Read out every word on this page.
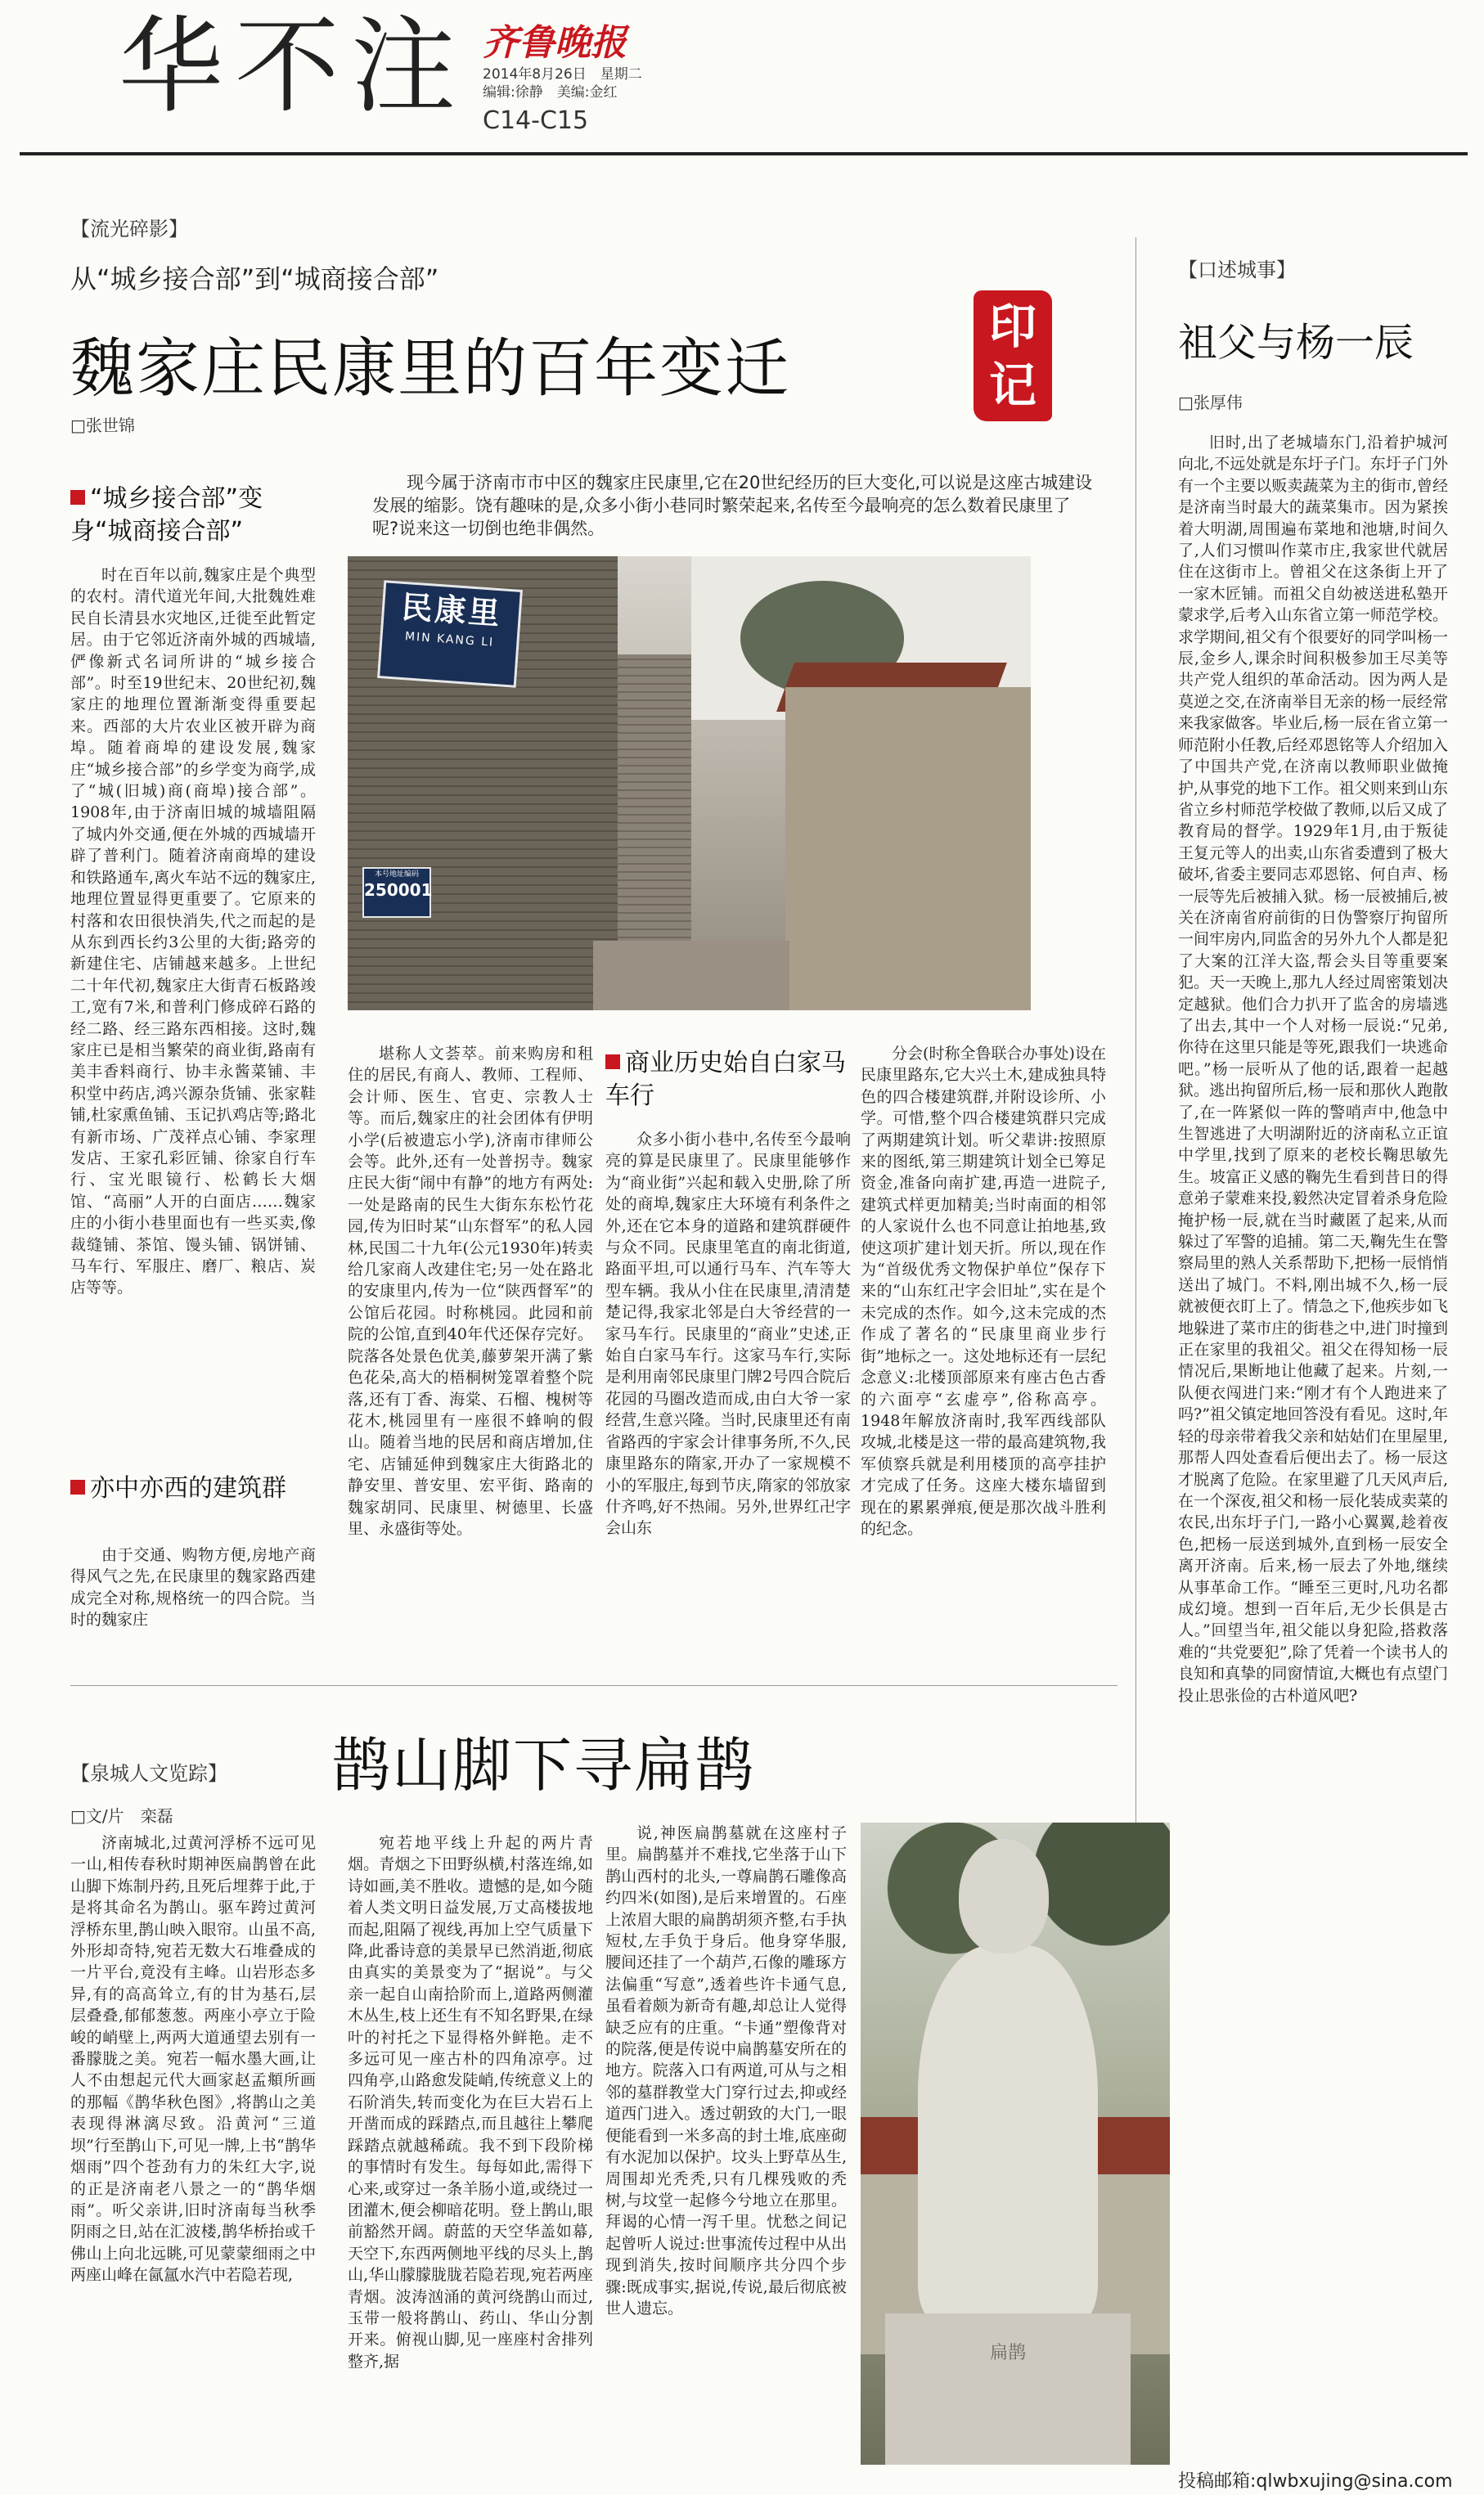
华不注 齐鲁晚报
2014年8月26日　星期二
编辑:徐静　美编:金红
C14-C15
【流光碎影】
从“城乡接合部”到“城商接合部”
魏家庄民康里的百年变迁
印记
□张世锦
现今属于济南市市中区的魏家庄民康里,它在20世纪经历的巨大变化,可以说是这座古城建设发展的缩影。饶有趣味的是,众多小街小巷同时繁荣起来,名传至今最响亮的怎么数着民康里了呢?说来这一切倒也绝非偶然。
“城乡接合部”变身“城商接合部”
时在百年以前,魏家庄是个典型的农村。清代道光年间,大批魏姓难民自长清县水灾地区,迁徙至此暂定居。由于它邻近济南外城的西城墙,俨像新式名词所讲的“城乡接合部”。时至19世纪末、20世纪初,魏家庄的地理位置渐渐变得重要起来。西部的大片农业区被开辟为商埠。随着商埠的建设发展,魏家庄“城乡接合部”的乡学变为商学,成了“城(旧城)商(商埠)接合部”。1908年,由于济南旧城的城墙阻隔了城内外交通,便在外城的西城墙开辟了普利门。随着济南商埠的建设和铁路通车,离火车站不远的魏家庄,地理位置显得更重要了。它原来的村落和农田很快消失,代之而起的是从东到西长约3公里的大街;路旁的新建住宅、店铺越来越多。上世纪二十年代初,魏家庄大街青石板路竣工,宽有7米,和普利门修成碎石路的经二路、经三路东西相接。这时,魏家庄已是相当繁荣的商业街,路南有美丰香料商行、协丰永酱菜铺、丰积堂中药店,鸿兴源杂货铺、张家鞋铺,杜家熏鱼铺、玉记扒鸡店等;路北有新市场、广茂祥点心铺、李家理发店、王家孔彩匠铺、徐家自行车行、宝光眼镜行、松鹤长大烟馆、“高丽”人开的白面店……魏家庄的小街小巷里面也有一些买卖,像裁缝铺、茶馆、馒头铺、锅饼铺、马车行、军服庄、磨厂、粮店、炭店等等。
亦中亦西的建筑群
由于交通、购物方便,房地产商得风气之先,在民康里的魏家路西建成完全对称,规格统一的四合院。当时的魏家庄
民康里
MIN KANG LI
本号地址编码
250001
堪称人文荟萃。前来购房和租住的居民,有商人、教师、工程师、会计师、医生、官吏、宗教人士等。而后,魏家庄的社会团体有伊明小学(后被遗忘小学),济南市律师公会等。此外,还有一处普拐寺。魏家庄民大街“闹中有静”的地方有两处:一处是路南的民生大街东东松竹花园,传为旧时某“山东督军”的私人园林,民国二十九年(公元1930年)转卖给几家商人改建住宅;另一处在路北的安康里内,传为一位“陕西督军”的公馆后花园。时称桃园。此园和前院的公馆,直到40年代还保存完好。院落各处景色优美,藤萝架开满了紫色花朵,高大的梧桐树笼罩着整个院落,还有丁香、海棠、石榴、槐树等花木,桃园里有一座很不蜂响的假山。随着当地的民居和商店增加,住宅、店铺延伸到魏家庄大街路北的静安里、普安里、宏平街、路南的魏家胡同、民康里、树德里、长盛里、永盛街等处。
商业历史始自白家马车行
众多小街小巷中,名传至今最响亮的算是民康里了。民康里能够作为“商业街”兴起和载入史册,除了所处的商埠,魏家庄大环境有利条件之外,还在它本身的道路和建筑群硬件与众不同。民康里笔直的南北街道,路面平坦,可以通行马车、汽车等大型车辆。我从小住在民康里,清清楚楚记得,我家北邻是白大爷经营的一家马车行。民康里的“商业”史述,正始自白家马车行。这家马车行,实际是利用南邻民康里门牌2号四合院后花园的马圈改造而成,由白大爷一家经营,生意兴隆。当时,民康里还有南省路西的宇家会计律事务所,不久,民康里路东的隋家,开办了一家规模不小的军服庄,每到节庆,隋家的邻放家什齐鸣,好不热闹。另外,世界红卍字会山东
分会(时称全鲁联合办事处)设在民康里路东,它大兴土木,建成独具特色的四合楼建筑群,并附设诊所、小学。可惜,整个四合楼建筑群只完成了两期建筑计划。听父辈讲:按照原来的图纸,第三期建筑计划全已筹足资金,准备向南扩建,再造一进院子,建筑式样更加精美;当时南面的相邻的人家说什么也不同意让拍地基,致使这项扩建计划天折。所以,现在作为“首级优秀文物保护单位”保存下来的“山东红卍字会旧址”,实在是个未完成的杰作。如今,这未完成的杰作成了著名的“民康里商业步行街”地标之一。这处地标还有一层纪念意义:北楼顶部原来有座古色古香的六面亭“玄虚亭”,俗称高亭。1948年解放济南时,我军西线部队攻城,北楼是这一带的最高建筑物,我军侦察兵就是利用楼顶的高亭挂护才完成了任务。这座大楼东墙留到现在的累累弹痕,便是那次战斗胜利的纪念。
【口述城事】
祖父与杨一辰
□张厚伟
旧时,出了老城墙东门,沿着护城河向北,不远处就是东圩子门。东圩子门外有一个主要以贩卖蔬菜为主的街市,曾经是济南当时最大的蔬菜集市。因为紧挨着大明湖,周围遍布菜地和池塘,时间久了,人们习惯叫作菜市庄,我家世代就居住在这街市上。曾祖父在这条街上开了一家木匠铺。而祖父自幼被送进私塾开蒙求学,后考入山东省立第一师范学校。求学期间,祖父有个很要好的同学叫杨一辰,金乡人,课余时间积极参加王尽美等共产党人组织的革命活动。因为两人是莫逆之交,在济南举目无亲的杨一辰经常来我家做客。毕业后,杨一辰在省立第一师范附小任教,后经邓恩铭等人介绍加入了中国共产党,在济南以教师职业做掩护,从事党的地下工作。祖父则来到山东省立乡村师范学校做了教师,以后又成了教育局的督学。1929年1月,由于叛徒王复元等人的出卖,山东省委遭到了极大破坏,省委主要同志邓恩铭、何自声、杨一辰等先后被捕入狱。杨一辰被捕后,被关在济南省府前街的日伪警察厅拘留所一间牢房内,同监舍的另外九个人都是犯了大案的江洋大盗,帮会头目等重要案犯。天一天晚上,那九人经过周密策划决定越狱。他们合力扒开了监舍的房墙逃了出去,其中一个人对杨一辰说:“兄弟,你待在这里只能是等死,跟我们一块逃命吧。”杨一辰听从了他的话,跟着一起越狱。逃出拘留所后,杨一辰和那伙人跑散了,在一阵紧似一阵的警哨声中,他急中生智逃进了大明湖附近的济南私立正谊中学里,找到了原来的老校长鞠思敏先生。坡富正义感的鞠先生看到昔日的得意弟子蒙难来投,毅然决定冒着杀身危险掩护杨一辰,就在当时藏匿了起来,从而躲过了军警的追捕。第二天,鞠先生在警察局里的熟人关系帮助下,把杨一辰悄悄送出了城门。不料,刚出城不久,杨一辰就被便衣盯上了。情急之下,他疾步如飞地躲进了菜市庄的街巷之中,进门时撞到正在家里的我祖父。祖父在得知杨一辰情况后,果断地让他藏了起来。片刻,一队便衣闯进门来:“刚才有个人跑进来了吗?”祖父镇定地回答没有看见。这时,年轻的母亲带着我父亲和姑姑们在里屋里,那帮人四处查看后便出去了。杨一辰这才脱离了危险。在家里避了几天风声后,在一个深夜,祖父和杨一辰化装成卖菜的农民,出东圩子门,一路小心翼翼,趁着夜色,把杨一辰送到城外,直到杨一辰安全离开济南。后来,杨一辰去了外地,继续从事革命工作。“睡至三更时,凡功名都成幻境。想到一百年后,无少长俱是古人。”回望当年,祖父能以身犯险,搭救落难的“共党要犯”,除了凭着一个读书人的良知和真挚的同窗情谊,大概也有点望门投止思张俭的古朴道风吧?
【泉城人文览踪】 鹊山脚下寻扁鹊
□文/片　栾磊
济南城北,过黄河浮桥不远可见一山,相传春秋时期神医扁鹊曾在此山脚下炼制丹药,且死后埋葬于此,于是将其命名为鹊山。驱车跨过黄河浮桥东里,鹊山映入眼帘。山虽不高,外形却奇特,宛若无数大石堆叠成的一片平台,竟没有主峰。山岩形态多异,有的高高耸立,有的甘为基石,层层叠叠,郁郁葱葱。两座小亭立于险峻的峭壁上,两两大道通望去别有一番朦胧之美。宛若一幅水墨大画,让人不由想起元代大画家赵孟頫所画的那幅《鹊华秋色图》,将鹊山之美表现得淋漓尽致。沿黄河“三道坝”行至鹊山下,可见一牌,上书“鹊华烟雨”四个苍劲有力的朱红大字,说的正是济南老八景之一的“鹊华烟雨”。听父亲讲,旧时济南每当秋季阴雨之日,站在汇波楼,鹊华桥抬或千佛山上向北远眺,可见蒙蒙细雨之中两座山峰在氤氲水汽中若隐若现,
宛若地平线上升起的两片青烟。青烟之下田野纵横,村落连绵,如诗如画,美不胜收。遗憾的是,如今随着人类文明日益发展,万丈高楼拔地而起,阻隔了视线,再加上空气质量下降,此番诗意的美景早已然消逝,彻底由真实的美景变为了“据说”。与父亲一起自山南拾阶而上,道路两侧灌木丛生,枝上还生有不知名野果,在绿叶的衬托之下显得格外鲜艳。走不多远可见一座古朴的四角凉亭。过四角亭,山路愈发陡峭,传统意义上的石阶消失,转而变化为在巨大岩石上开凿而成的踩踏点,而且越往上攀爬踩踏点就越稀疏。我不到下段阶梯的事情时有发生。每每如此,需得下心来,或穿过一条羊肠小道,或绕过一团灌木,便会柳暗花明。登上鹊山,眼前豁然开阔。蔚蓝的天空华盖如幕,天空下,东西两侧地平线的尽头上,鹊山,华山朦朦胧胧若隐若现,宛若两座青烟。波涛汹涌的黄河绕鹊山而过,玉带一般将鹊山、药山、华山分割开来。俯视山脚,见一座座村舍排列整齐,据
说,神医扁鹊墓就在这座村子里。扁鹊墓并不难找,它坐落于山下鹊山西村的北头,一尊扁鹊石雕像高约四米(如图),是后来增置的。石座上浓眉大眼的扁鹊胡须齐整,右手执短杖,左手负于身后。他身穿华服,腰间还挂了一个葫芦,石像的雕琢方法偏重“写意”,透着些许卡通气息,虽看着颇为新奇有趣,却总让人觉得缺乏应有的庄重。“卡通”塑像背对的院落,便是传说中扁鹊墓安所在的地方。院落入口有两道,可从与之相邻的墓群教堂大门穿行过去,抑或经道西门进入。透过朝致的大门,一眼便能看到一米多高的封土堆,底座砌有水泥加以保护。坟头上野草丛生,周围却光秃秃,只有几棵残败的秃树,与坟堂一起修今兮地立在那里。拜谒的心情一泻千里。忧愁之间记起曾听人说过:世事流传过程中从出现到消失,按时间顺序共分四个步骤:既成事实,据说,传说,最后彻底被世人遗忘。
扁鹊
投稿邮箱:qlwbxujing@sina.com
